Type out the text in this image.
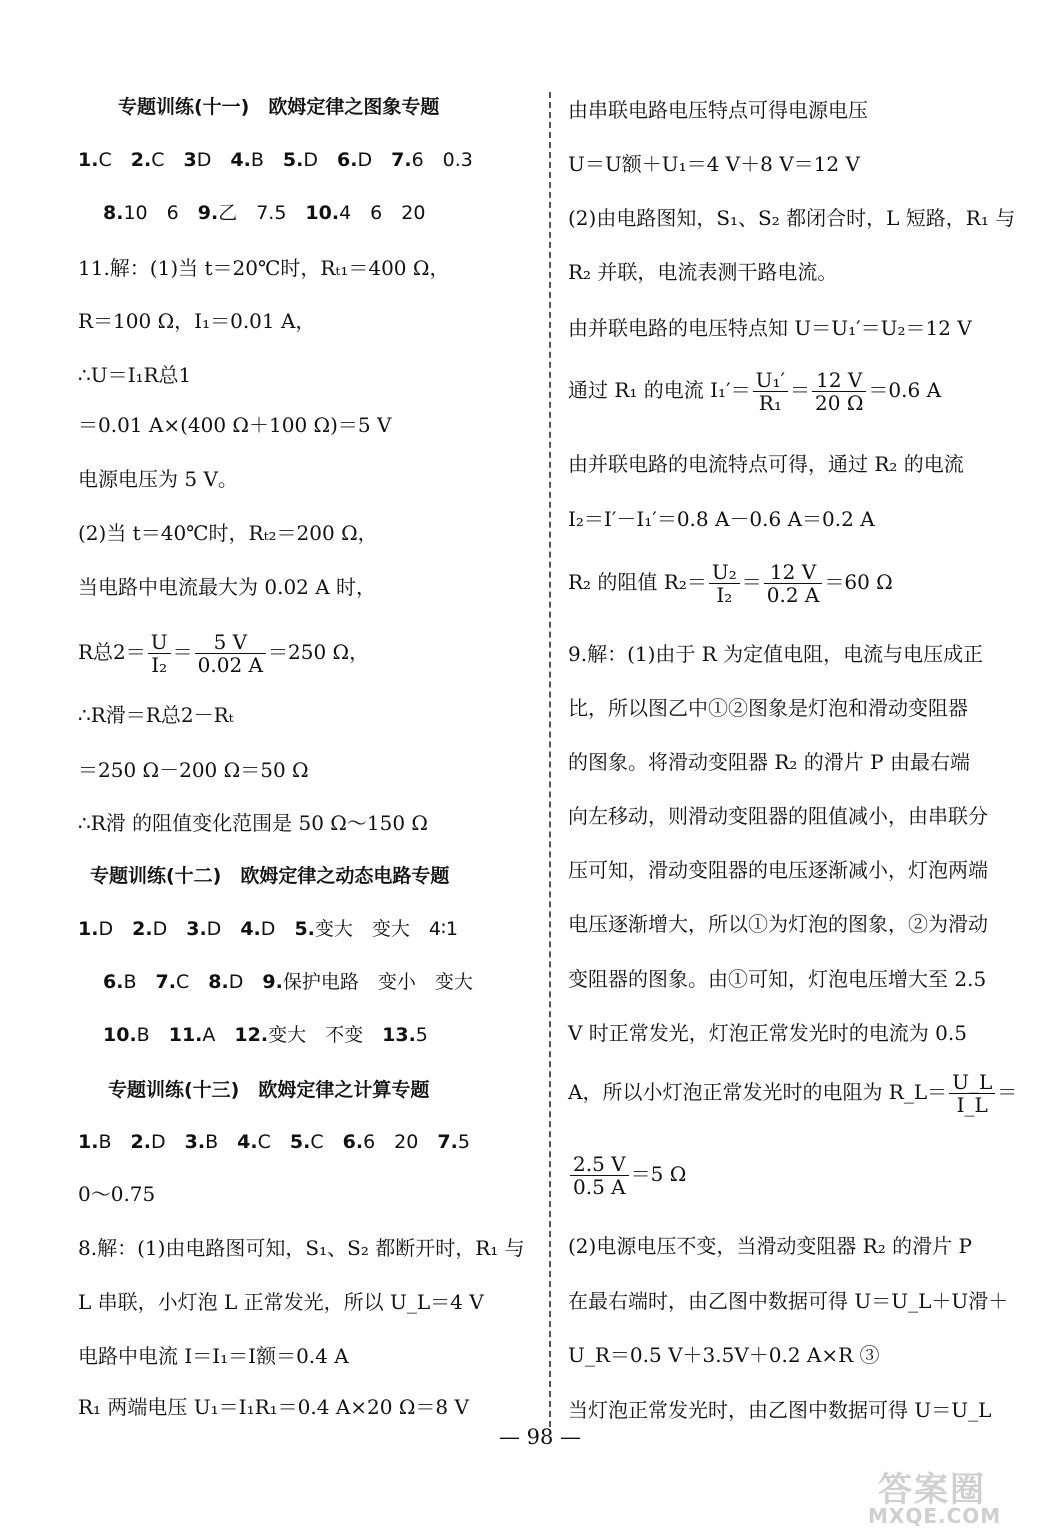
专题训练(十一)　欧姆定律之图象专题
1.C　 2.C　 3D　 4.B　 5.D　 6.D　 7.6　0.3
8.10　6　 9.乙　7.5　 10.4　6　20
11.解：(1)当 t＝20℃时，Rₜ₁＝400 Ω，
R＝100 Ω，I₁＝0.01 A，
∴U＝I₁R总1
＝0.01 A×(400 Ω＋100 Ω)＝5 V
电源电压为 5 V。
(2)当 t＝40℃时，Rₜ₂＝200 Ω，
当电路中电流最大为 0.02 A 时，
R总$2= \frac{U}{\text{I₂}} = \frac{5 V}{0.02 A} =250$ Ω，
∴R滑＝R总2－Rₜ
＝250 Ω－200 Ω＝50 Ω
∴R滑 的阻值变化范围是 50 Ω～150 Ω
专题训练(十二)　欧姆定律之动态电路专题
1.D　 2.D　 3.D　 4.D　 5.变大　变大　4∶1
6.B　 7.C　 8.D　 9.保护电路　变小　变大
10.B　 11.A　 12.变大　不变　 13.5
专题训练(十三)　欧姆定律之计算专题
1.B　 2.D　 3.B　 4.C　 5.C　 6.6　20　 7.5
0～0.75
8.解：(1)由电路图可知，S₁、S₂ 都断开时，R₁ 与
L 串联，小灯泡 L 正常发光，所以 U_L＝4 V
电路中电流 I＝I₁＝I额＝0.4 A
R₁ 两端电压 U₁＝I₁R₁＝0.4 A×20 Ω＝8 V
由串联电路电压特点可得电源电压
U＝U额＋U₁＝4 V＋8 V＝12 V
(2)由电路图知，S₁、S₂ 都闭合时，L 短路，R₁ 与
R₂ 并联，电流表测干路电流。
由并联电路的电压特点知 U＝U₁′＝U₂＝12 V
通过 R₁ 的电流 $I_1'= \frac{\text{U₁′}}{\text{R₁}} = \frac{12 V}{20 \Omega} =0.6$ A
由并联电路的电流特点可得，通过 R₂ 的电流
I₂＝I′－I₁′＝0.8 A－0.6 A＝0.2 A
R₂ 的阻值 $R_2= \frac{\text{U₂}}{\text{I₂}} = \frac{12 V}{0.2 A} =60$ Ω
9.解：(1)由于 R 为定值电阻，电流与电压成正
比，所以图乙中①②图象是灯泡和滑动变阻器
的图象。将滑动变阻器 R₂ 的滑片 P 由最右端
向左移动，则滑动变阻器的阻值减小，由串联分
压可知，滑动变阻器的电压逐渐减小，灯泡两端
电压逐渐增大，所以①为灯泡的图象，②为滑动
变阻器的图象。由①可知，灯泡电压增大至 2.5
V 时正常发光，灯泡正常发光时的电流为 0.5
A，所以小灯泡正常发光时的电阻为 R_L＝ $\frac{U\_L}{I\_L}$ ＝
$\frac{2.5 V}{0.5 A} =5$ Ω
(2)电源电压不变，当滑动变阻器 R₂ 的滑片 P
在最右端时，由乙图中数据可得 U＝U_L＋U滑＋
U_R＝0.5 V＋3.5V＋0.2 A×R ③
当灯泡正常发光时，由乙图中数据可得 U＝U_L
— 98 —
答案圈
MXQE.COM
